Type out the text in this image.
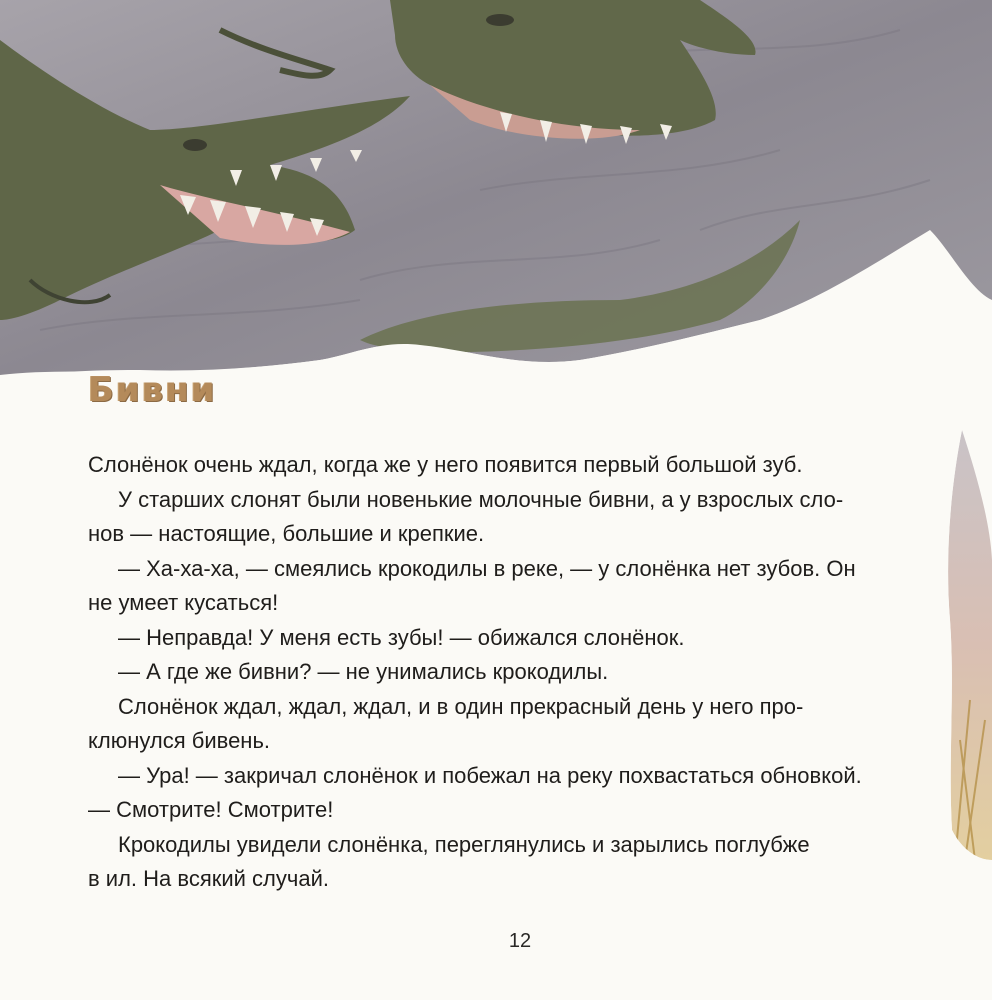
Бивни

Слонёнок очень ждал, когда же у него появится первый большой зуб.

У старших слонят были новенькие молочные бивни, а у взрослых сло-
нов — настоящие, большие и крепкие.

— Ха-ха-ха, — смеялись крокодилы в реке, — у слонёнка нет зубов. Он
не умеет кусаться!

— Неправда! У меня есть зубы! — обижался слонёнок.

— А где же бивни? — не унимались крокодилы.

Слонёнок ждал, ждал, ждал, и в один прекрасный день у него про-
клюнулся бивень.

— Ура! — закричал слонёнок и побежал на реку похвастаться обновкой.
— Смотрите! Смотрите!

Крокодилы увидели слонёнка, переглянулись и зарылись поглубже
в ил. На всякий случай.

12
